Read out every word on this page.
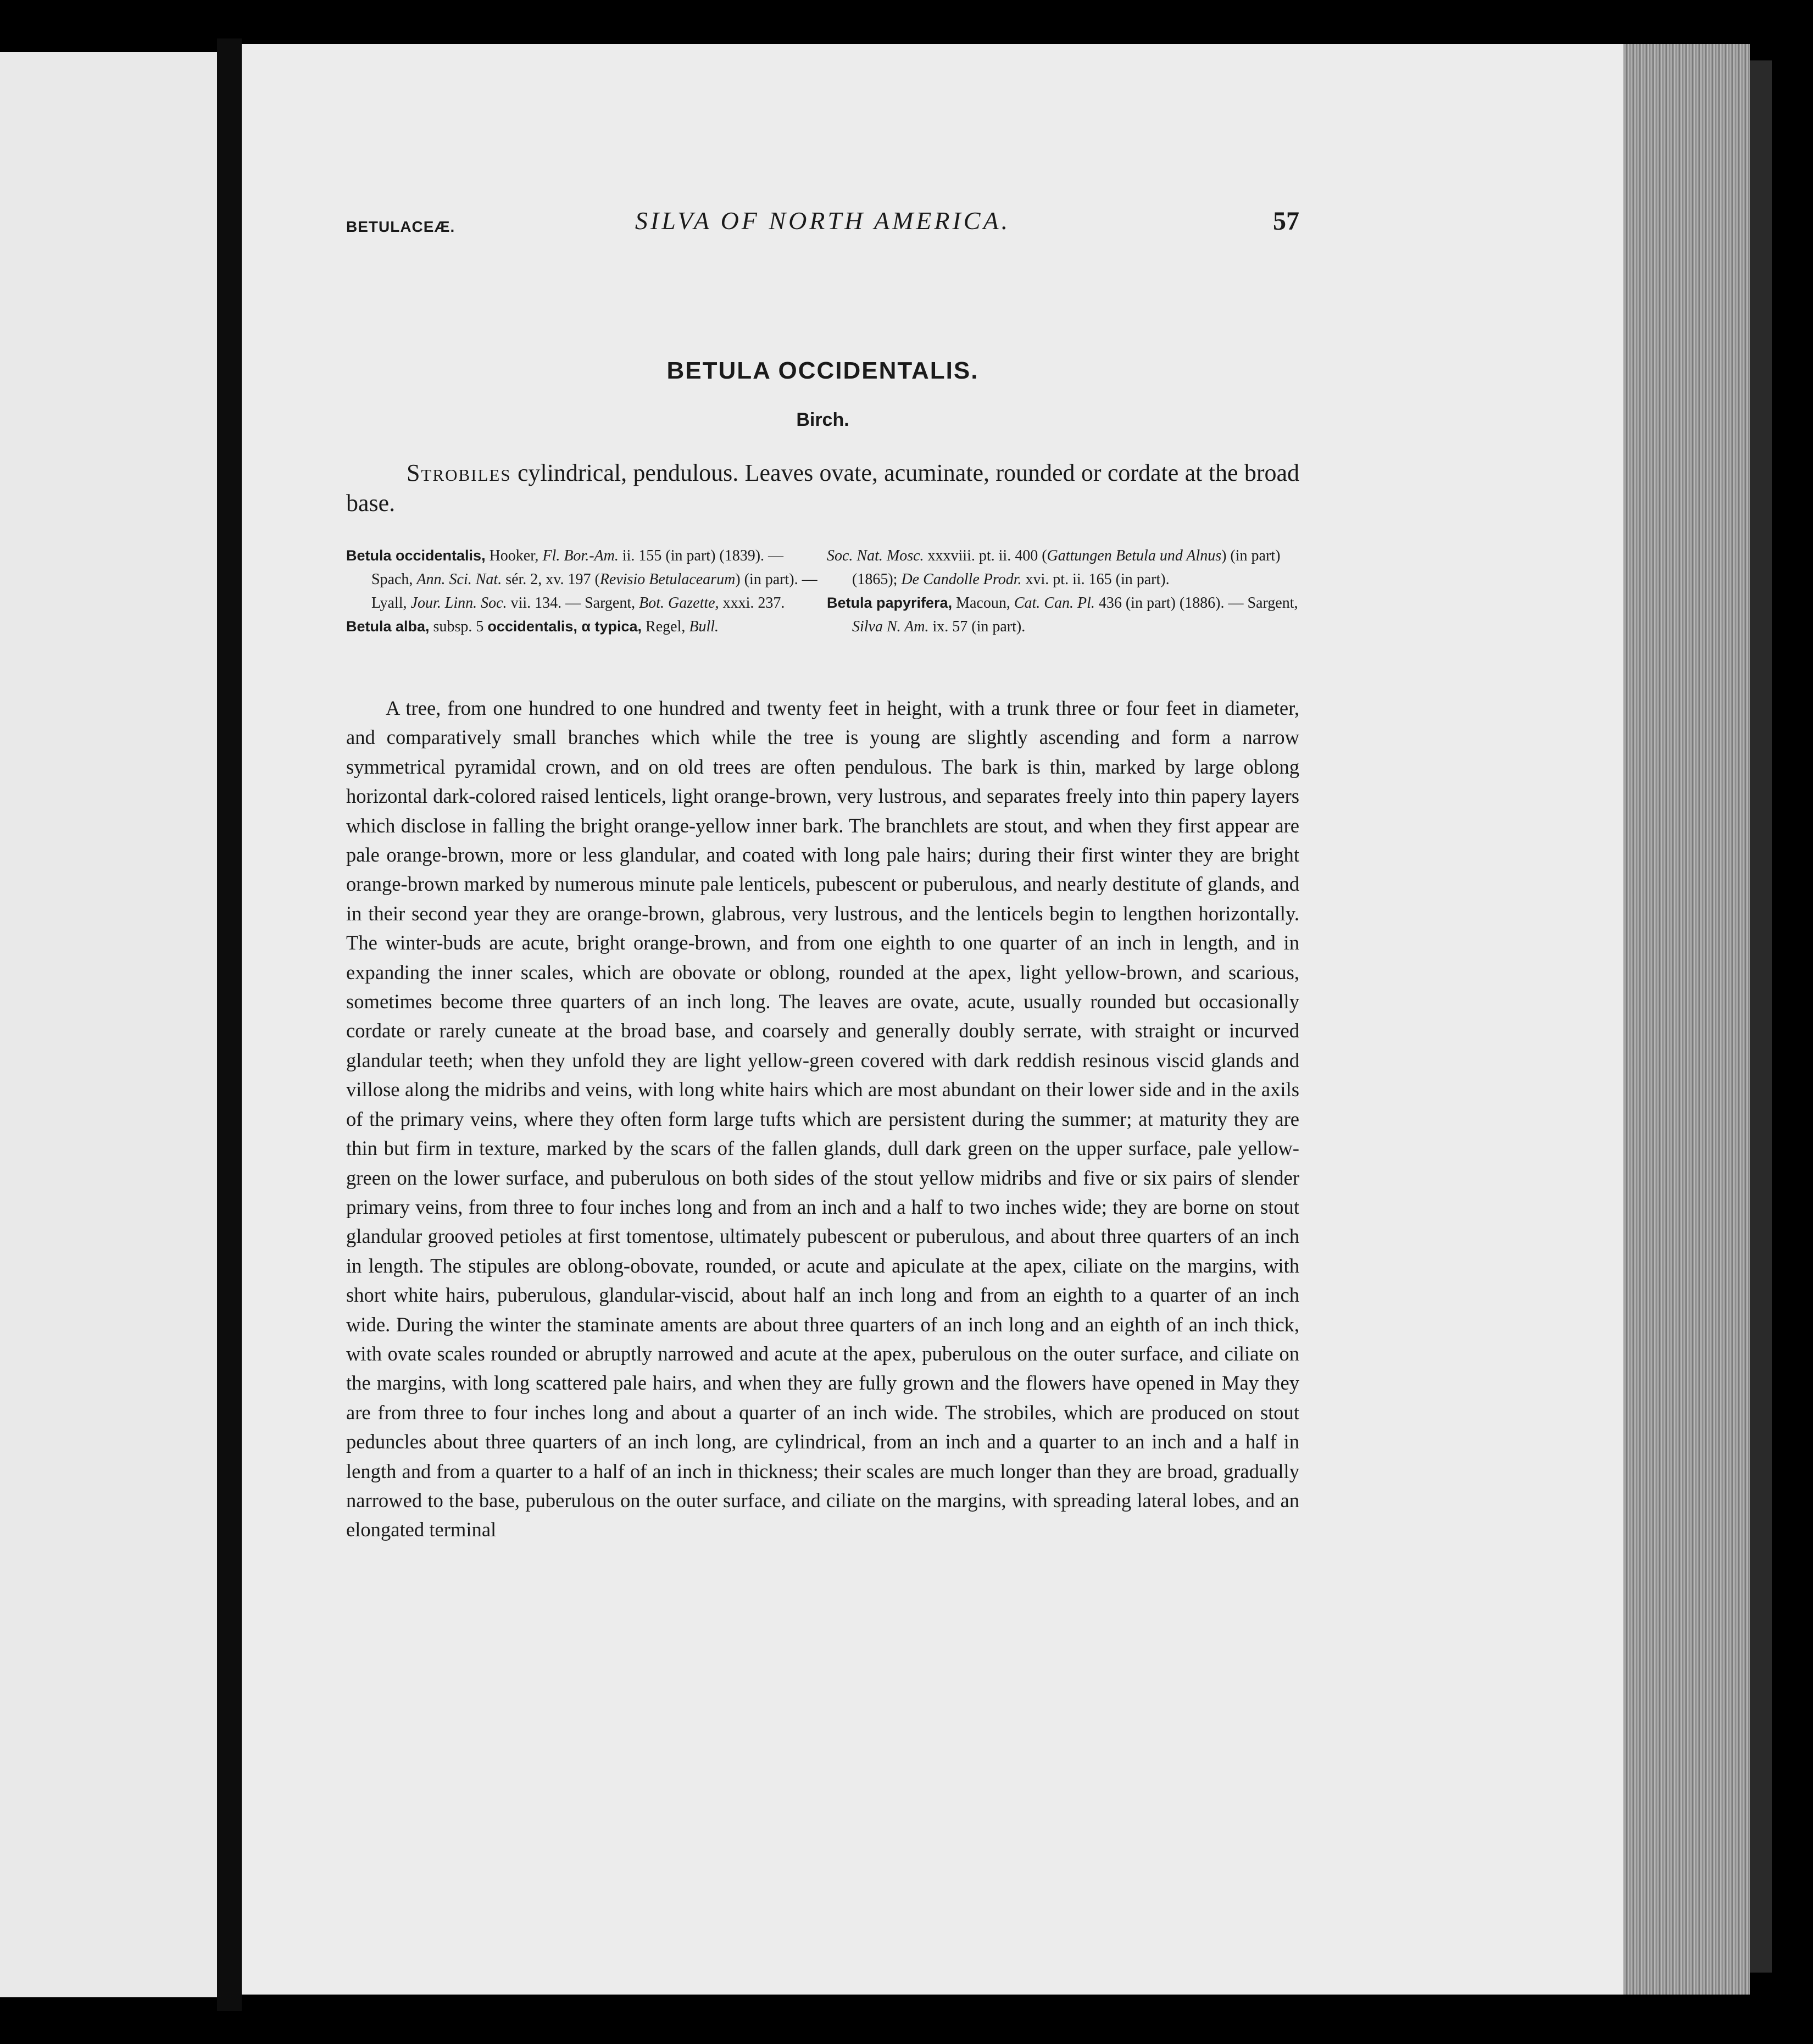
BETULACEÆ.	SILVA OF NORTH AMERICA.	57
BETULA OCCIDENTALIS.
Birch.
Strobiles cylindrical, pendulous. Leaves ovate, acuminate, rounded or cordate at the broad base.
Betula occidentalis, Hooker, Fl. Bor.-Am. ii. 155 (in part) (1839). — Spach, Ann. Sci. Nat. sér. 2, xv. 197 (Revisio Betulacearum) (in part). — Lyall, Jour. Linn. Soc. vii. 134. — Sargent, Bot. Gazette, xxxi. 237.
Betula alba, subsp. 5 occidentalis, α typica, Regel, Bull.
Soc. Nat. Mosc. xxxviii. pt. ii. 400 (Gattungen Betula und Alnus) (in part) (1865); De Candolle Prodr. xvi. pt. ii. 165 (in part).
Betula papyrifera, Macoun, Cat. Can. Pl. 436 (in part) (1886). — Sargent, Silva N. Am. ix. 57 (in part).
A tree, from one hundred to one hundred and twenty feet in height, with a trunk three or four feet in diameter, and comparatively small branches which while the tree is young are slightly ascending and form a narrow symmetrical pyramidal crown, and on old trees are often pendulous. The bark is thin, marked by large oblong horizontal dark-colored raised lenticels, light orange-brown, very lustrous, and separates freely into thin papery layers which disclose in falling the bright orange-yellow inner bark. The branchlets are stout, and when they first appear are pale orange-brown, more or less glandular, and coated with long pale hairs; during their first winter they are bright orange-brown marked by numerous minute pale lenticels, pubescent or puberulous, and nearly destitute of glands, and in their second year they are orange-brown, glabrous, very lustrous, and the lenticels begin to lengthen horizontally. The winter-buds are acute, bright orange-brown, and from one eighth to one quarter of an inch in length, and in expanding the inner scales, which are obovate or oblong, rounded at the apex, light yellow-brown, and scarious, sometimes become three quarters of an inch long. The leaves are ovate, acute, usually rounded but occasionally cordate or rarely cuneate at the broad base, and coarsely and generally doubly serrate, with straight or incurved glandular teeth; when they unfold they are light yellow-green covered with dark reddish resinous viscid glands and villose along the midribs and veins, with long white hairs which are most abundant on their lower side and in the axils of the primary veins, where they often form large tufts which are persistent during the summer; at maturity they are thin but firm in texture, marked by the scars of the fallen glands, dull dark green on the upper surface, pale yellow-green on the lower surface, and puberulous on both sides of the stout yellow midribs and five or six pairs of slender primary veins, from three to four inches long and from an inch and a half to two inches wide; they are borne on stout glandular grooved petioles at first tomentose, ultimately pubescent or puberulous, and about three quarters of an inch in length. The stipules are oblong-obovate, rounded, or acute and apiculate at the apex, ciliate on the margins, with short white hairs, puberulous, glandular-viscid, about half an inch long and from an eighth to a quarter of an inch wide. During the winter the staminate aments are about three quarters of an inch long and an eighth of an inch thick, with ovate scales rounded or abruptly narrowed and acute at the apex, puberulous on the outer surface, and ciliate on the margins, with long scattered pale hairs, and when they are fully grown and the flowers have opened in May they are from three to four inches long and about a quarter of an inch wide. The strobiles, which are produced on stout peduncles about three quarters of an inch long, are cylindrical, from an inch and a quarter to an inch and a half in length and from a quarter to a half of an inch in thickness; their scales are much longer than they are broad, gradually narrowed to the base, puberulous on the outer surface, and ciliate on the margins, with spreading lateral lobes, and an elongated terminal
